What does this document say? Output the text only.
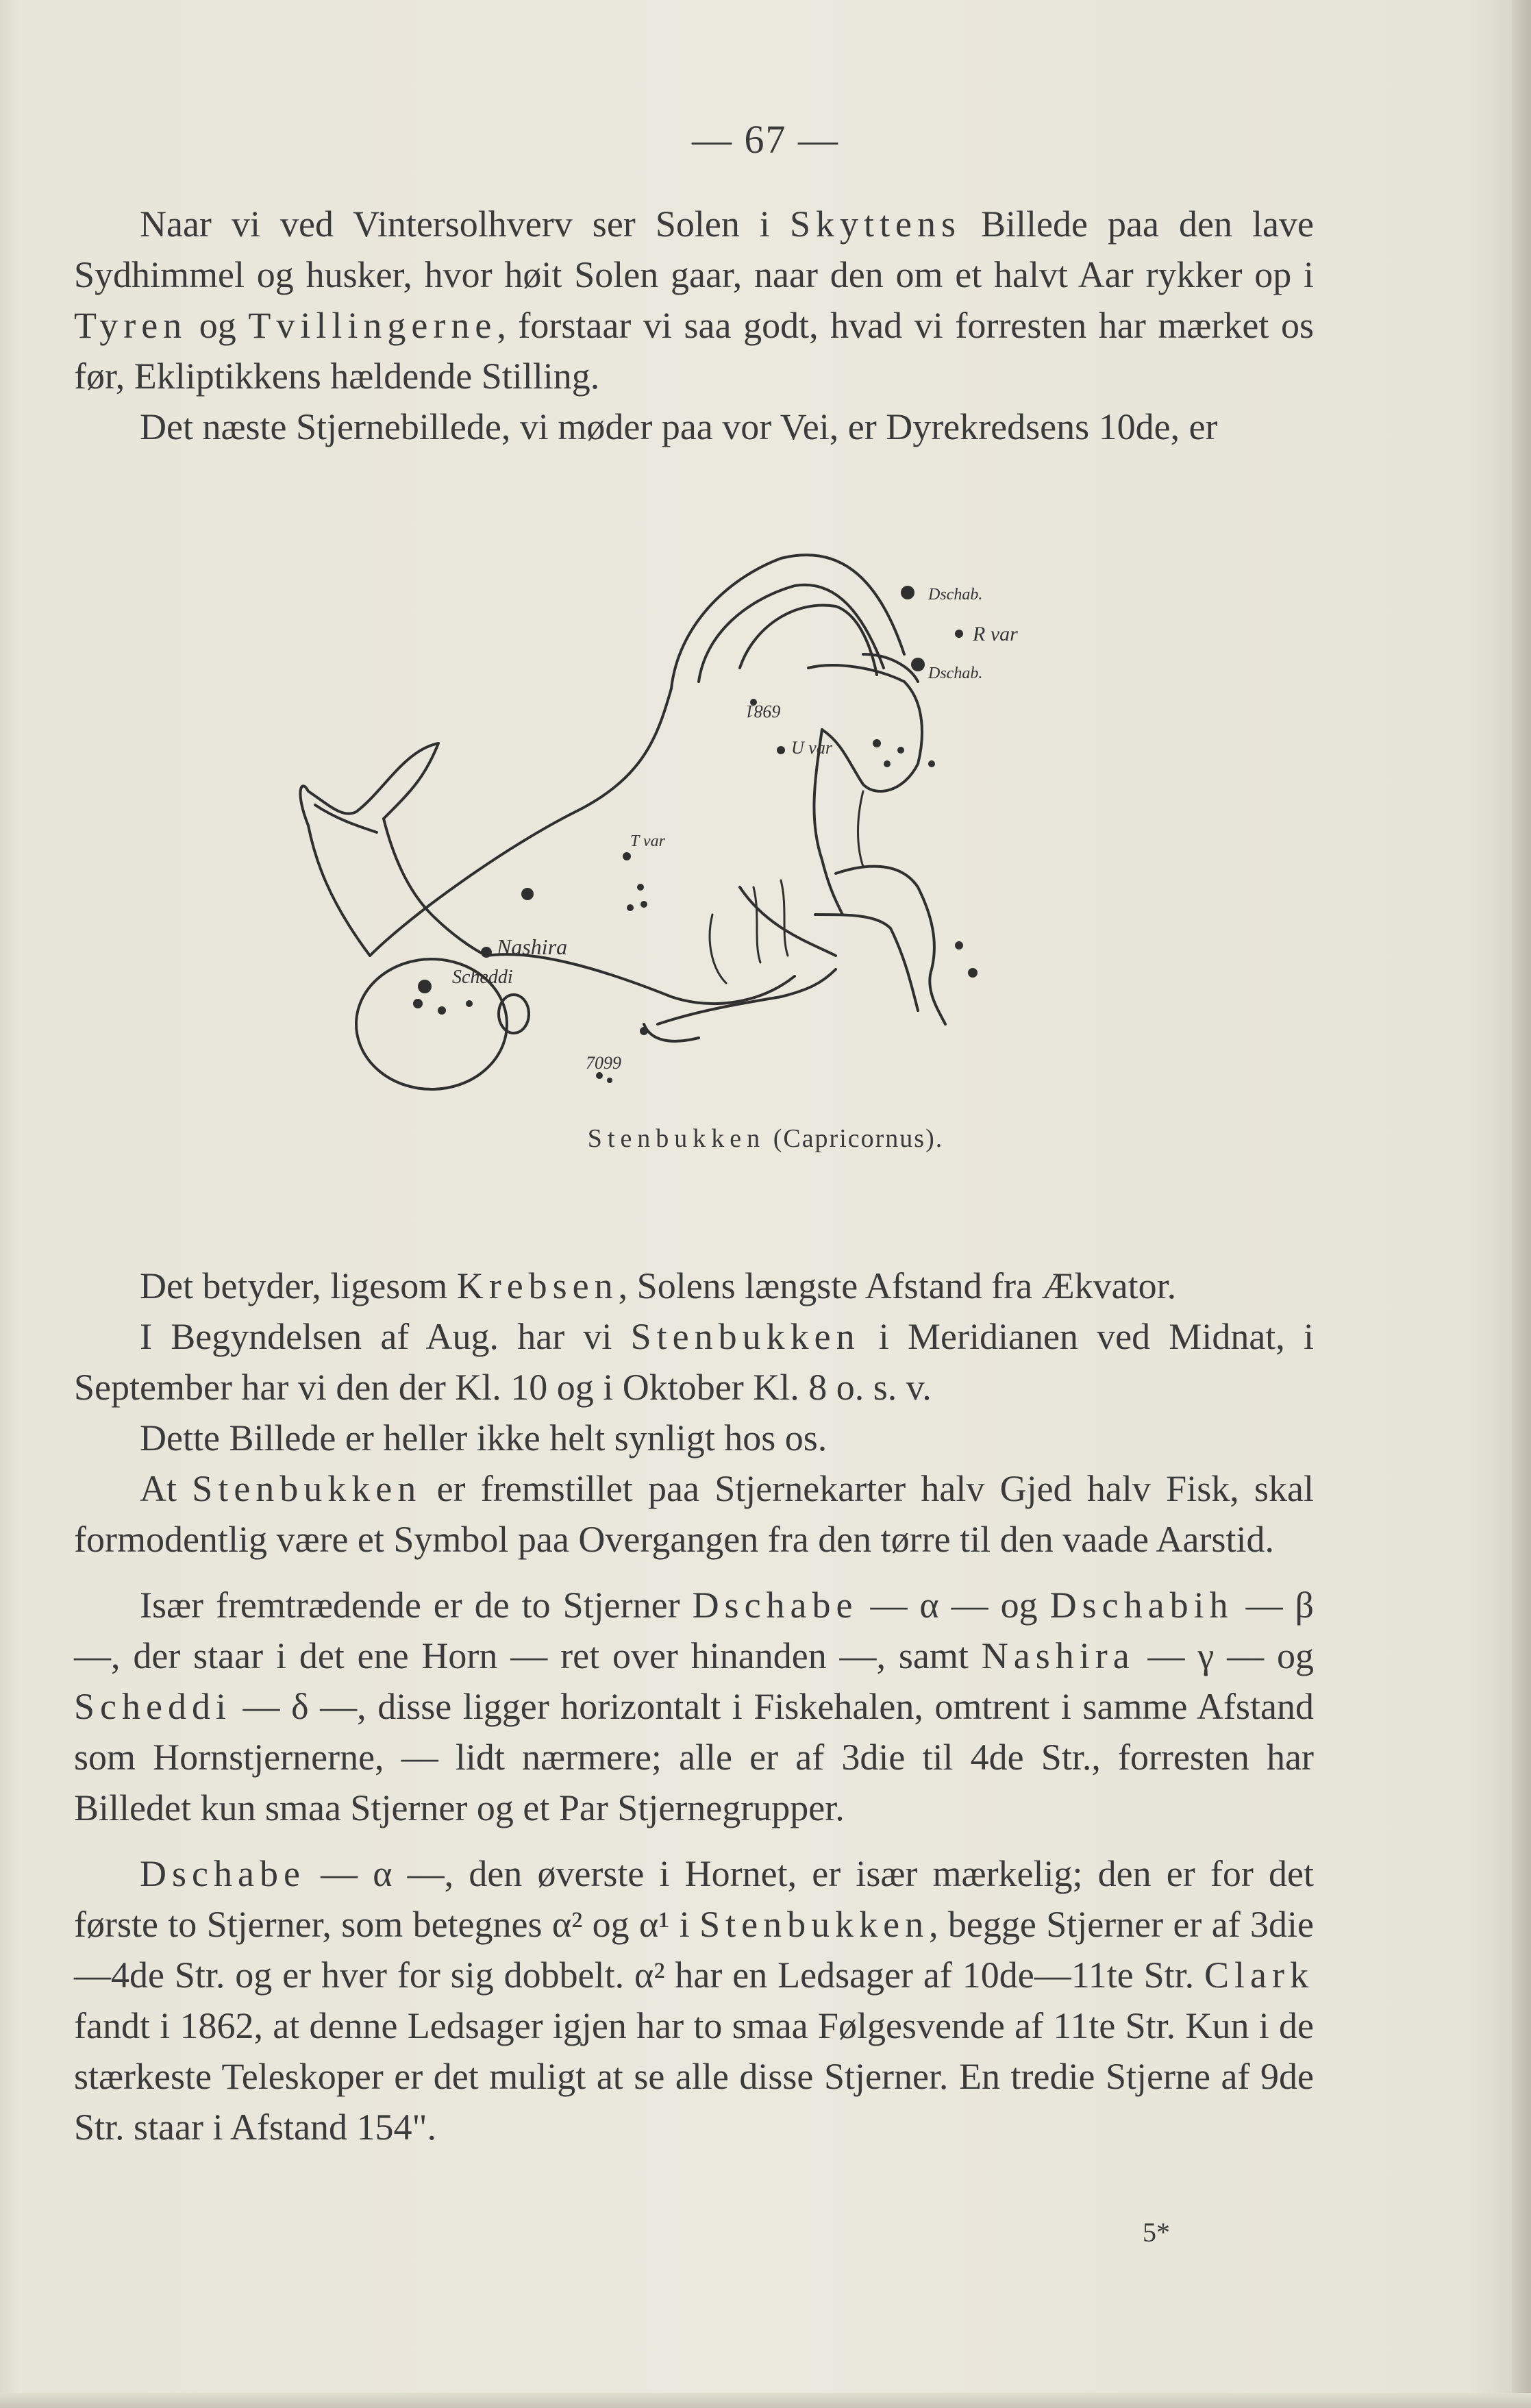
— 67 —

Naar vi ved Vintersolhverv ser Solen i Skyttens Billede paa den lave Sydhimmel og husker, hvor høit Solen gaar, naar den om et halvt Aar rykker op i Tyren og Tvillingerne, forstaar vi saa godt, hvad vi forresten har mærket os før, Ekliptikkens hældende Stilling.

Det næste Stjernebillede, vi møder paa vor Vei, er Dyrekredsens 10de, er

Dschab.
Dschab.
R var
U var
T var
Nashira
Scheddi
6981
7099
Stenbukken (Capricornus).

Det betyder, ligesom Krebsen, Solens længste Afstand fra Ækvator.

I Begyndelsen af Aug. har vi Stenbukken i Meridianen ved Midnat, i September har vi den der Kl. 10 og i Oktober Kl. 8 o. s. v.

Dette Billede er heller ikke helt synligt hos os.

At Stenbukken er fremstillet paa Stjernekarter halv Gjed halv Fisk, skal formodentlig være et Symbol paa Overgangen fra den tørre til den vaade Aarstid.

Især fremtrædende er de to Stjerner Dschabe — α — og Dschabih — β —, der staar i det ene Horn — ret over hinanden —, samt Nashira — γ — og Scheddi — δ —, disse ligger horizontalt i Fiskehalen, omtrent i samme Afstand som Hornstjernerne, — lidt nærmere; alle er af 3die til 4de Str., forresten har Billedet kun smaa Stjerner og et Par Stjernegrupper.

Dschabe — α —, den øverste i Hornet, er især mærkelig; den er for det første to Stjerner, som betegnes α² og α¹ i Stenbukken, begge Stjerner er af 3die—4de Str. og er hver for sig dobbelt. α² har en Ledsager af 10de—11te Str. Clark fandt i 1862, at denne Ledsager igjen har to smaa Følgesvende af 11te Str. Kun i de stærkeste Teleskoper er det muligt at se alle disse Stjerner. En tredie Stjerne af 9de Str. staar i Afstand 154".

5*
